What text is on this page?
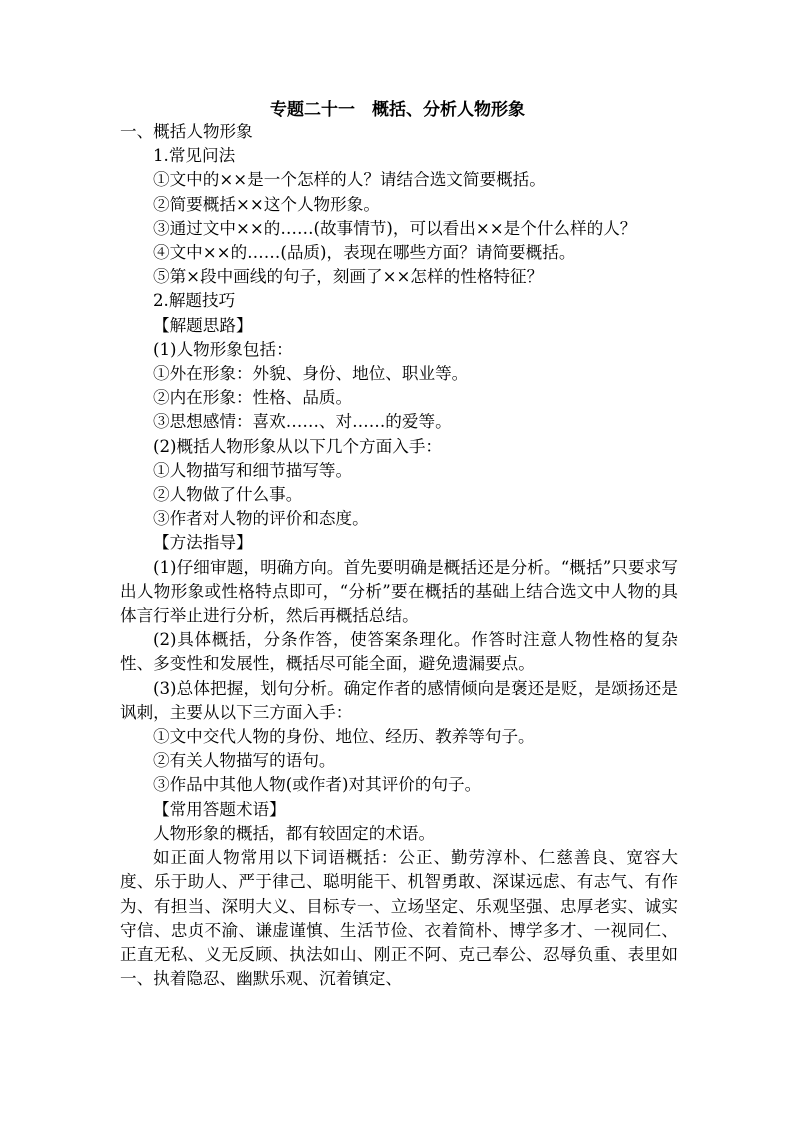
专题二十一　概括、分析人物形象

一、概括人物形象

1.常见问法

①文中的××是一个怎样的人？请结合选文简要概括。

②简要概括××这个人物形象。

③通过文中××的……(故事情节)，可以看出××是个什么样的人？

④文中××的……(品质)，表现在哪些方面？请简要概括。

⑤第×段中画线的句子，刻画了××怎样的性格特征？

2.解题技巧

【解题思路】

(1)人物形象包括：

①外在形象：外貌、身份、地位、职业等。

②内在形象：性格、品质。

③思想感情：喜欢……、对……的爱等。

(2)概括人物形象从以下几个方面入手：

①人物描写和细节描写等。

②人物做了什么事。

③作者对人物的评价和态度。

【方法指导】

(1)仔细审题，明确方向。首先要明确是概括还是分析。“概括”只要求写出人物形象或性格特点即可，“分析”要在概括的基础上结合选文中人物的具体言行举止进行分析，然后再概括总结。

(2)具体概括，分条作答，使答案条理化。作答时注意人物性格的复杂性、多变性和发展性，概括尽可能全面，避免遗漏要点。

(3)总体把握，划句分析。确定作者的感情倾向是褒还是贬，是颂扬还是讽刺，主要从以下三方面入手：

①文中交代人物的身份、地位、经历、教养等句子。

②有关人物描写的语句。

③作品中其他人物(或作者)对其评价的句子。

【常用答题术语】

人物形象的概括，都有较固定的术语。

如正面人物常用以下词语概括：公正、勤劳淳朴、仁慈善良、宽容大度、乐于助人、严于律己、聪明能干、机智勇敢、深谋远虑、有志气、有作为、有担当、深明大义、目标专一、立场坚定、乐观坚强、忠厚老实、诚实守信、忠贞不渝、谦虚谨慎、生活节俭、衣着简朴、博学多才、一视同仁、正直无私、义无反顾、执法如山、刚正不阿、克己奉公、忍辱负重、表里如一、执着隐忍、幽默乐观、沉着镇定、
